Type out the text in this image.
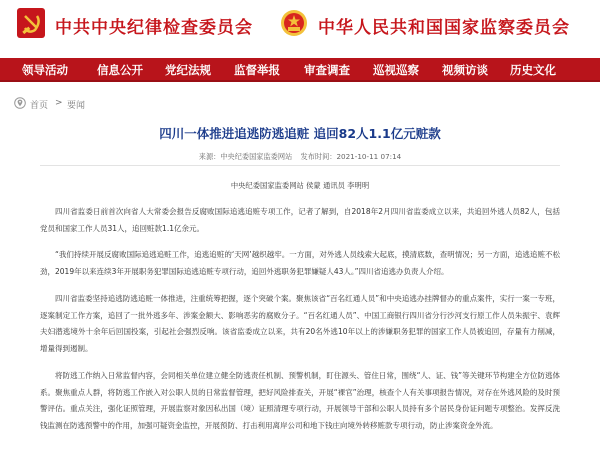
中共中央纪律检查委员会	中华人民共和国国家监察委员会
领导活动	信息公开 党纪法规 监督举报 审查调查 巡视巡察 视频访谈 历史文化
首页 > 要闻
四川一体推进追逃防逃追赃 追回82人1.1亿元赃款
来源：中央纪委国家监委网站 发布时间：2021-10-11 07:14
中央纪委国家监委网站 侯蒙 通讯员 李明明

四川省监委日前首次向省人大常委会报告反腐败国际追逃追赃专项工作，记者了解到，自2018年2月四川省监委成立以来，共追回外逃人员82人，包括党员和国家工作人员31人，追回赃款1.1亿余元。

“我们持续开展反腐败国际追逃追赃工作，追逃追赃的‘天网’越织越牢。一方面，对外逃人员线索大起底，摸清底数，查明情况；另一方面，追逃追赃不松劲，2019年以来连续3年开展职务犯罪国际追逃追赃专项行动，追回外逃职务犯罪嫌疑人43人。”四川省追逃办负责人介绍。

四川省监委坚持追逃防逃追赃一体推进，注重统筹把握，逐个突破个案。聚焦该省“百名红通人员”和中央追逃办挂牌督办的重点案件，实行一案一专班，逐案制定工作方案，追回了一批外逃多年、涉案金额大、影响恶劣的腐败分子。“百名红通人员”、中国工商银行四川省分行沙河支行原工作人员朱振宇、袁辉夫妇潜逃境外十余年后回国投案，引起社会强烈反响。该省监委成立以来，共有20名外逃10年以上的涉嫌职务犯罪的国家工作人员被追回，存量有力削减，增量得到遏制。

将防逃工作纳入日常监督内容，会同相关单位建立健全防逃责任机制、预警机制，盯住源头、管住日常，围绕“人、证、钱”等关键环节构建全方位防逃体系。聚焦重点人群，将防逃工作嵌入对公职人员的日常监督管理，把好风险排查关，开展“裸官”治理，核查个人有关事项报告情况，对存在外逃风险的及时预警评估。重点关注，强化证照管理，开展监察对象因私出国（境）证照清理专项行动，开展领导干部和公职人员持有多个居民身份证问题专项整治。发挥反洗钱监测在防逃预警中的作用，加强可疑资金监控，开展预防、打击利用离岸公司和地下钱庄向境外转移赃款专项行动，防止涉案资金外流。
